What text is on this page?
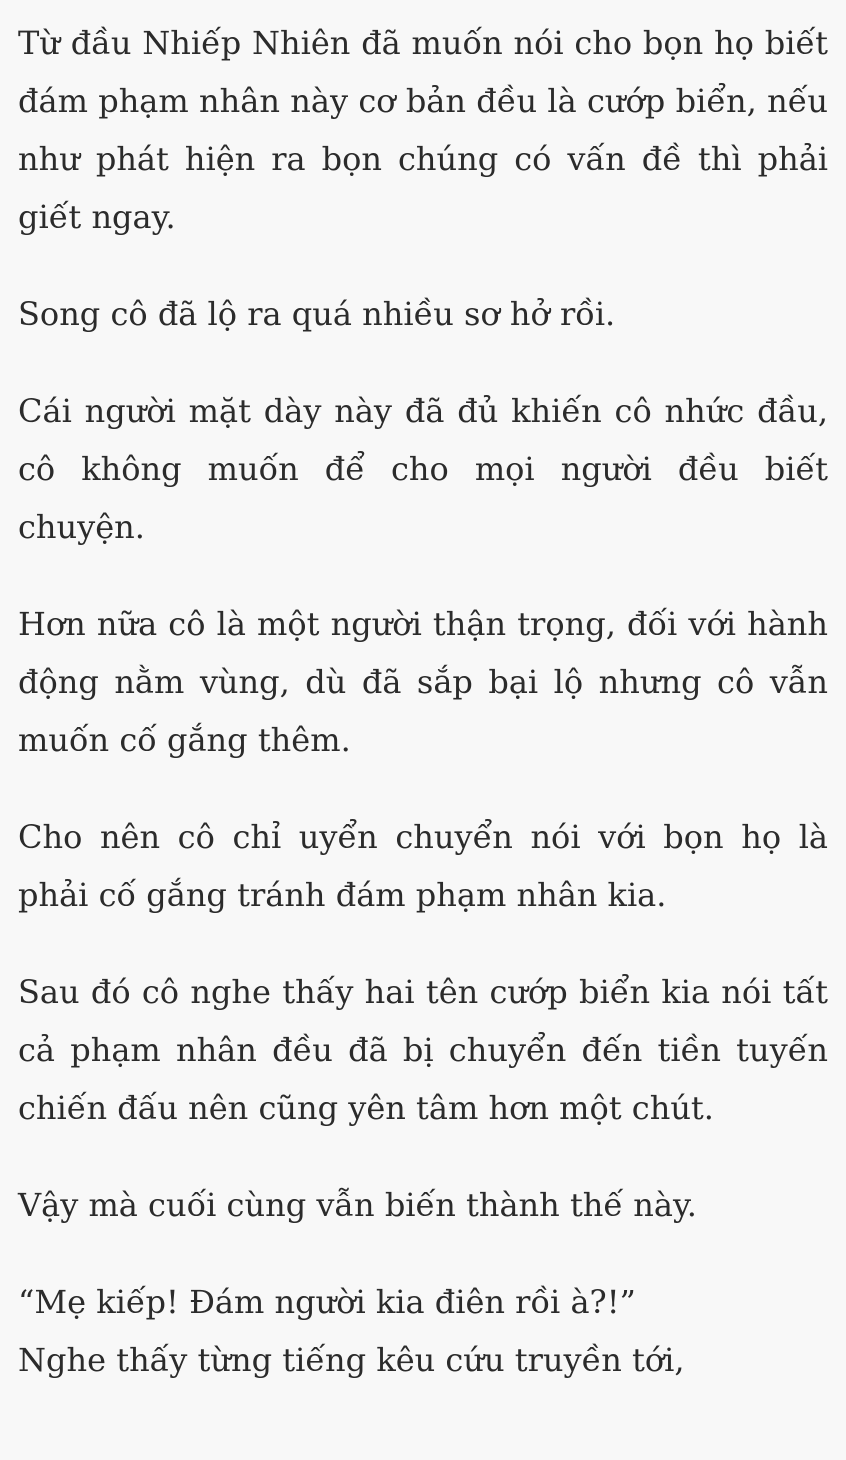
Từ đầu Nhiếp Nhiên đã muốn nói cho bọn họ biết đám phạm nhân này cơ bản đều là cướp biển, nếu như phát hiện ra bọn chúng có vấn đề thì phải giết ngay.

Song cô đã lộ ra quá nhiều sơ hở rồi.

Cái người mặt dày này đã đủ khiến cô nhức đầu, cô không muốn để cho mọi người đều biết chuyện.

Hơn nữa cô là một người thận trọng, đối với hành động nằm vùng, dù đã sắp bại lộ nhưng cô vẫn muốn cố gắng thêm.

Cho nên cô chỉ uyển chuyển nói với bọn họ là phải cố gắng tránh đám phạm nhân kia.

Sau đó cô nghe thấy hai tên cướp biển kia nói tất cả phạm nhân đều đã bị chuyển đến tiền tuyến chiến đấu nên cũng yên tâm hơn một chút.

Vậy mà cuối cùng vẫn biến thành thế này.

“Mẹ kiếp! Đám người kia điên rồi à?!”

Nghe thấy từng tiếng kêu cứu truyền tới,
